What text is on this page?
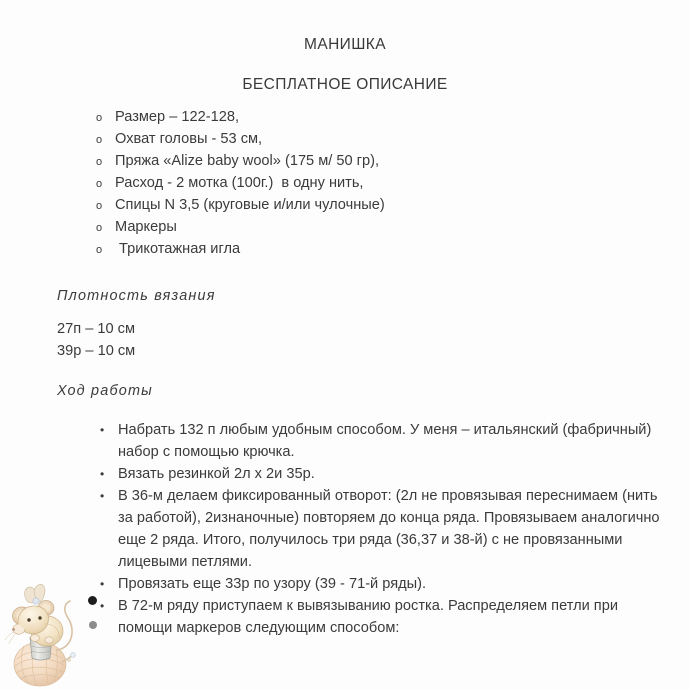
МАНИШКА
БЕСПЛАТНОЕ ОПИСАНИЕ
o Размер – 122-128,
o Охват головы - 53 см,
o Пряжа «Alize baby wool» (175 м/ 50 гр),
o Расход - 2 мотка (100г.)  в одну нить,
o Спицы N 3,5 (круговые и/или чулочные)
o Маркеры
o Трикотажная игла
Плотность вязания
27п – 10 см
39р – 10 см
Ход работы
• Набрать 132 п любым удобным способом. У меня – итальянский (фабричный) набор с помощью крючка.
• Вязать резинкой 2л х 2и 35р.
• В 36-м делаем фиксированный отворот: (2л не провязывая переснимаем (нить за работой), 2изнаночные) повторяем до конца ряда. Провязываем аналогично еще 2 ряда. Итого, получилось три ряда (36,37 и 38-й) с не провязанными лицевыми петлями.
• Провязать еще 33р по узору (39 - 71-й ряды).
• В 72-м ряду приступаем к вывязыванию ростка. Распределяем петли при помощи маркеров следующим способом:
